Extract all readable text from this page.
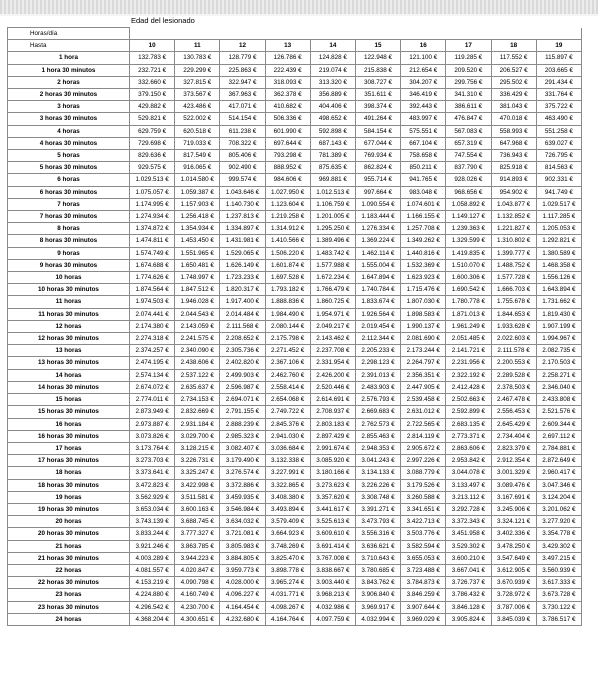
Edad del lesionado
Horas/día										
Hasta	10	11	12	13	14	15	16	17	18	19
1 hora	132.783 €	130.783 €	128.779 €	126.786 €	124.828 €	122.948 €	121.100 €	119.285 €	117.552 €	115.897 €
1 hora 30 minutos	232.721 €	229.299 €	225.863 €	222.439 €	219.074 €	215.838 €	212.654 €	209.520 €	206.527 €	203.665 €
2 horas	332.660 €	327.815 €	322.947 €	318.093 €	313.320 €	308.727 €	304.207 €	299.756 €	295.502 €	291.434 €
2 horas 30 minutos	379.150 €	373.567 €	367.963 €	362.378 €	356.889 €	351.611 €	346.419 €	341.310 €	336.429 €	331.764 €
3 horas	429.882 €	423.486 €	417.071 €	410.682 €	404.406 €	398.374 €	392.443 €	386.611 €	381.043 €	375.722 €
3 horas 30 minutos	529.821 €	522.002 €	514.154 €	506.336 €	498.652 €	491.264 €	483.997 €	476.847 €	470.018 €	463.490 €
4 horas	629.759 €	620.518 €	611.238 €	601.990 €	592.898 €	584.154 €	575.551 €	567.083 €	558.993 €	551.258 €
4 horas 30 minutos	729.698 €	719.033 €	708.322 €	697.644 €	687.143 €	677.044 €	667.104 €	657.319 €	647.968 €	639.027 €
5 horas	829.636 €	817.549 €	805.406 €	793.298 €	781.389 €	769.934 €	758.658 €	747.554 €	736.943 €	726.795 €
5 horas 30 minutos	929.575 €	916.065 €	902.490 €	888.952 €	875.635 €	862.824 €	850.211 €	837.790 €	825.918 €	814.563 €
6 horas	1.029.513 €	1.014.580 €	999.574 €	984.606 €	969.881 €	955.714 €	941.765 €	928.026 €	914.893 €	902.331 €
6 horas 30 minutos	1.075.057 €	1.059.387 €	1.043.646 €	1.027.950 €	1.012.513 €	997.664 €	983.048 €	968.656 €	954.902 €	941.749 €
7 horas	1.174.995 €	1.157.903 €	1.140.730 €	1.123.604 €	1.106.759 €	1.090.554 €	1.074.601 €	1.058.892 €	1.043.877 €	1.029.517 €
7 horas 30 minutos	1.274.934 €	1.256.418 €	1.237.813 €	1.219.258 €	1.201.005 €	1.183.444 €	1.166.155 €	1.149.127 €	1.132.852 €	1.117.285 €
8 horas	1.374.872 €	1.354.934 €	1.334.897 €	1.314.912 €	1.295.250 €	1.276.334 €	1.257.708 €	1.239.363 €	1.221.827 €	1.205.053 €
8 horas 30 minutos	1.474.811 €	1.453.450 €	1.431.981 €	1.410.566 €	1.389.496 €	1.369.224 €	1.349.262 €	1.329.599 €	1.310.802 €	1.292.821 €
9 horas	1.574.749 €	1.551.965 €	1.529.065 €	1.506.220 €	1.483.742 €	1.462.114 €	1.440.816 €	1.419.835 €	1.399.777 €	1.380.589 €
9 horas 30 minutos	1.674.688 €	1.650.481 €	1.626.149 €	1.601.874 €	1.577.988 €	1.555.004 €	1.532.369 €	1.510.070 €	1.488.752 €	1.468.358 €
10 horas	1.774.626 €	1.748.997 €	1.723.233 €	1.697.528 €	1.672.234 €	1.647.894 €	1.623.923 €	1.600.306 €	1.577.728 €	1.556.126 €
10 horas 30 minutos	1.874.564 €	1.847.512 €	1.820.317 €	1.793.182 €	1.766.479 €	1.740.784 €	1.715.476 €	1.690.542 €	1.666.703 €	1.643.894 €
11 horas	1.974.503 €	1.946.028 €	1.917.400 €	1.888.836 €	1.860.725 €	1.833.674 €	1.807.030 €	1.780.778 €	1.755.678 €	1.731.662 €
11 horas 30 minutos	2.074.441 €	2.044.543 €	2.014.484 €	1.984.490 €	1.954.971 €	1.926.564 €	1.898.583 €	1.871.013 €	1.844.653 €	1.819.430 €
12 horas	2.174.380 €	2.143.059 €	2.111.568 €	2.080.144 €	2.049.217 €	2.019.454 €	1.990.137 €	1.961.249 €	1.933.628 €	1.907.199 €
12 horas 30 minutos	2.274.318 €	2.241.575 €	2.208.652 €	2.175.798 €	2.143.462 €	2.112.344 €	2.081.690 €	2.051.485 €	2.022.603 €	1.994.967 €
13 horas	2.374.257 €	2.340.090 €	2.305.736 €	2.271.452 €	2.237.708 €	2.205.233 €	2.173.244 €	2.141.721 €	2.111.578 €	2.082.735 €
13 horas 30 minutos	2.474.195 €	2.438.606 €	2.402.820 €	2.367.106 €	2.331.954 €	2.298.123 €	2.264.797 €	2.231.956 €	2.200.553 €	2.170.503 €
14 horas	2.574.134 €	2.537.122 €	2.499.903 €	2.462.760 €	2.426.200 €	2.391.013 €	2.356.351 €	2.322.192 €	2.289.528 €	2.258.271 €
14 horas 30 minutos	2.674.072 €	2.635.637 €	2.596.987 €	2.558.414 €	2.520.446 €	2.483.903 €	2.447.905 €	2.412.428 €	2.378.503 €	2.346.040 €
15 horas	2.774.011 €	2.734.153 €	2.694.071 €	2.654.068 €	2.614.691 €	2.576.793 €	2.539.458 €	2.502.663 €	2.467.478 €	2.433.808 €
15 horas 30 minutos	2.873.949 €	2.832.669 €	2.791.155 €	2.749.722 €	2.708.937 €	2.669.683 €	2.631.012 €	2.592.899 €	2.556.453 €	2.521.576 €
16 horas	2.973.887 €	2.931.184 €	2.888.239 €	2.845.376 €	2.803.183 €	2.762.573 €	2.722.565 €	2.683.135 €	2.645.429 €	2.609.344 €
16 horas 30 minutos	3.073.826 €	3.029.700 €	2.985.323 €	2.941.030 €	2.897.429 €	2.855.463 €	2.814.119 €	2.773.371 €	2.734.404 €	2.697.112 €
17 horas	3.173.764 €	3.128.215 €	3.082.407 €	3.036.684 €	2.991.674 €	2.948.353 €	2.905.672 €	2.863.606 €	2.823.379 €	2.784.881 €
17 horas 30 minutos	3.273.703 €	3.226.731 €	3.179.490 €	3.132.338 €	3.085.920 €	3.041.243 €	2.997.226 €	2.953.842 €	2.912.354 €	2.872.649 €
18 horas	3.373.641 €	3.325.247 €	3.276.574 €	3.227.991 €	3.180.166 €	3.134.133 €	3.088.779 €	3.044.078 €	3.001.329 €	2.960.417 €
18 horas 30 minutos	3.472.823 €	3.422.998 €	3.372.886 €	3.322.865 €	3.273.623 €	3.226.226 €	3.179.526 €	3.133.497 €	3.089.476 €	3.047.346 €
19 horas	3.562.929 €	3.511.581 €	3.459.935 €	3.408.380 €	3.357.620 €	3.308.748 €	3.260.588 €	3.213.112 €	3.167.691 €	3.124.204 €
19 horas 30 minutos	3.653.034 €	3.600.163 €	3.546.984 €	3.493.894 €	3.441.617 €	3.391.271 €	3.341.651 €	3.292.728 €	3.245.906 €	3.201.062 €
20 horas	3.743.139 €	3.688.745 €	3.634.032 €	3.579.409 €	3.525.613 €	3.473.793 €	3.422.713 €	3.372.343 €	3.324.121 €	3.277.920 €
20 horas 30 minutos	3.833.244 €	3.777.327 €	3.721.081 €	3.664.923 €	3.609.610 €	3.556.316 €	3.503.776 €	3.451.958 €	3.402.336 €	3.354.778 €
21 horas	3.921.246 €	3.863.785 €	3.805.983 €	3.748.269 €	3.691.414 €	3.636.621 €	3.582.594 €	3.529.302 €	3.478.250 €	3.429.302 €
21 horas 30 minutos	4.003.289 €	3.944.223 €	3.884.805 €	3.825.470 €	3.767.008 €	3.710.643 €	3.655.053 €	3.600.210 €	3.547.649 €	3.497.215 €
22 horas	4.081.557 €	4.020.847 €	3.959.773 €	3.898.778 €	3.838.667 €	3.780.685 €	3.723.488 €	3.667.041 €	3.612.905 €	3.560.939 €
22 horas 30 minutos	4.153.219 €	4.090.798 €	4.028.000 €	3.965.274 €	3.903.440 €	3.843.762 €	3.784.873 €	3.726.737 €	3.670.939 €	3.617.333 €
23 horas	4.224.880 €	4.160.749 €	4.096.227 €	4.031.771 €	3.968.213 €	3.906.840 €	3.846.259 €	3.786.432 €	3.728.972 €	3.673.728 €
23 horas 30 minutos	4.296.542 €	4.230.700 €	4.164.454 €	4.098.267 €	4.032.986 €	3.969.917 €	3.907.644 €	3.846.128 €	3.787.006 €	3.730.122 €
24 horas	4.368.204 €	4.300.651 €	4.232.680 €	4.164.764 €	4.097.759 €	4.032.994 €	3.969.029 €	3.905.824 €	3.845.039 €	3.786.517 €
